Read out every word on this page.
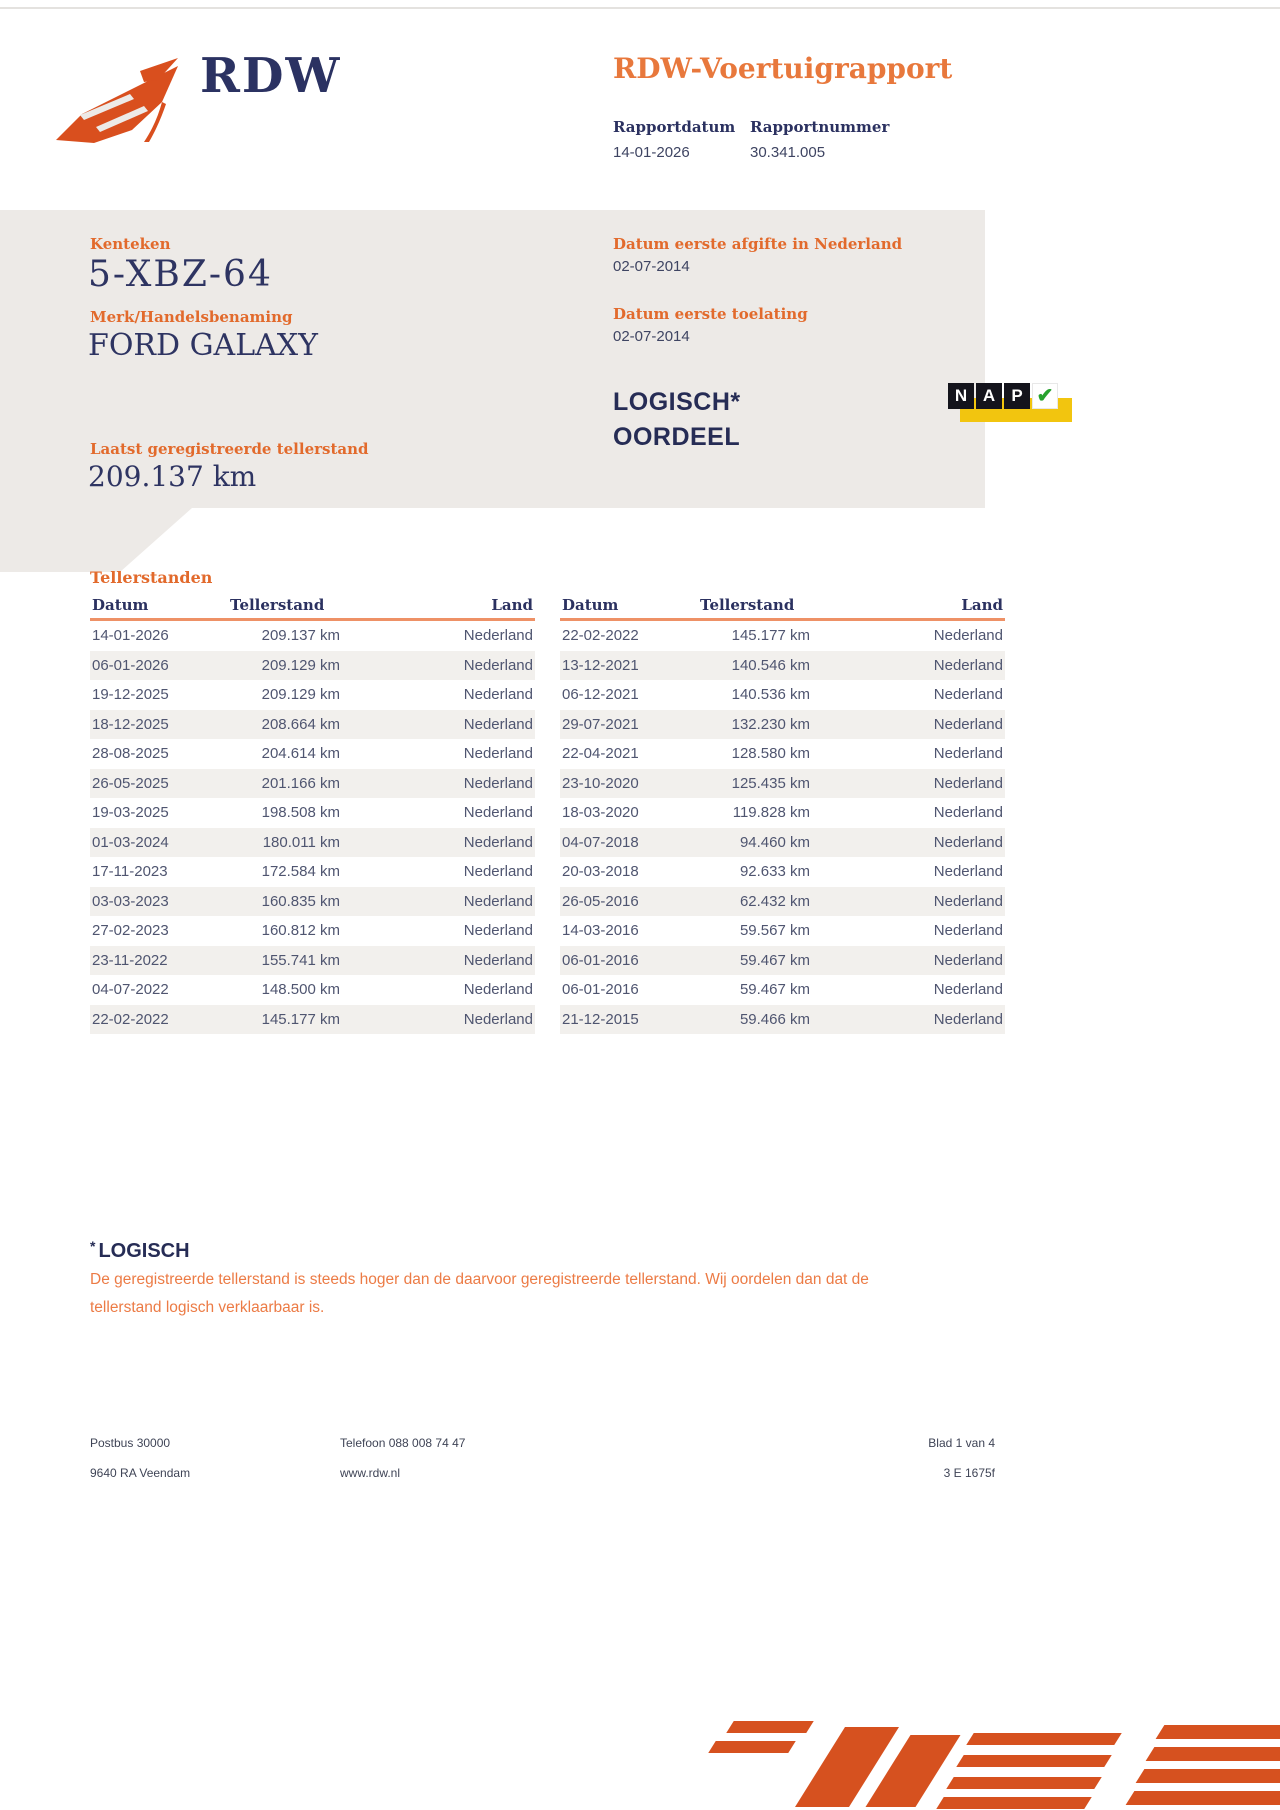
RDW	RDW-Voertuigrapport
Rapportdatum Rapportnummer
14-01-2026	30.341.005
Kenteken
5-XBZ-64
Merk/Handelsbenaming
FORD GALAXY
Laatst geregistreerde tellerstand
209.137 km
Datum eerste afgifte in Nederland
02-07-2014
Datum eerste toelating
02-07-2014
LOGISCH*
OORDEEL
N A P ✔
Tellerstanden
Datum	Tellerstand	Land
14-01-2026	209.137 km	Nederland
06-01-2026	209.129 km	Nederland
19-12-2025	209.129 km	Nederland
18-12-2025	208.664 km	Nederland
28-08-2025	204.614 km	Nederland
26-05-2025	201.166 km	Nederland
19-03-2025	198.508 km	Nederland
01-03-2024	180.011 km	Nederland
17-11-2023	172.584 km	Nederland
03-03-2023	160.835 km	Nederland
27-02-2023	160.812 km	Nederland
23-11-2022	155.741 km	Nederland
04-07-2022	148.500 km	Nederland
22-02-2022	145.177 km	Nederland
Datum	Tellerstand	Land
22-02-2022	145.177 km	Nederland
13-12-2021	140.546 km	Nederland
06-12-2021	140.536 km	Nederland
29-07-2021	132.230 km	Nederland
22-04-2021	128.580 km	Nederland
23-10-2020	125.435 km	Nederland
18-03-2020	119.828 km	Nederland
04-07-2018	94.460 km	Nederland
20-03-2018	92.633 km	Nederland
26-05-2016	62.432 km	Nederland
14-03-2016	59.567 km	Nederland
06-01-2016	59.467 km	Nederland
06-01-2016	59.467 km	Nederland
21-12-2015	59.466 km	Nederland
* LOGISCH
De geregistreerde tellerstand is steeds hoger dan de daarvoor geregistreerde tellerstand. Wij oordelen dan dat de
tellerstand logisch verklaarbaar is.
Postbus 30000
9640 RA Veendam
Telefoon 088 008 74 47
www.rdw.nl
Blad 1 van 4
3 E 1675f
